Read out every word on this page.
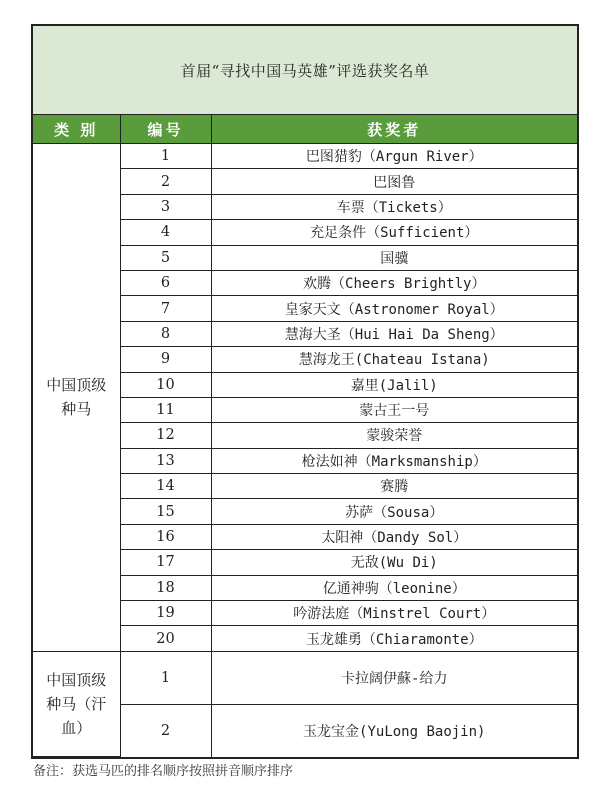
首届“寻找中国马英雄”评选获奖名单
类 别	编号	获奖者
中国顶级种马	1	巴图猎豹（Argun River）
	2	巴图鲁
	3	车票（Tickets）
	4	充足条件（Sufficient）
	5	国骥
	6	欢腾（Cheers Brightly）
	7	皇家天文（Astronomer Royal）
	8	慧海大圣（Hui Hai Da Sheng）
	9	慧海龙王(Chateau Istana)
	10	嘉里(Jalil)
	11	蒙古王一号
	12	蒙骏荣誉
	13	枪法如神（Marksmanship）
	14	赛腾
	15	苏萨（Sousa）
	16	太阳神（Dandy Sol）
	17	无敌(Wu Di)
	18	亿通神驹（leonine）
	19	吟游法庭（Minstrel Court）
	20	玉龙雄勇（Chiaramonte）
中国顶级种马（汗血）	1	卡拉阔伊蘇-给力
	2	玉龙宝金(YuLong Baojin)
备注：获选马匹的排名顺序按照拼音顺序排序
